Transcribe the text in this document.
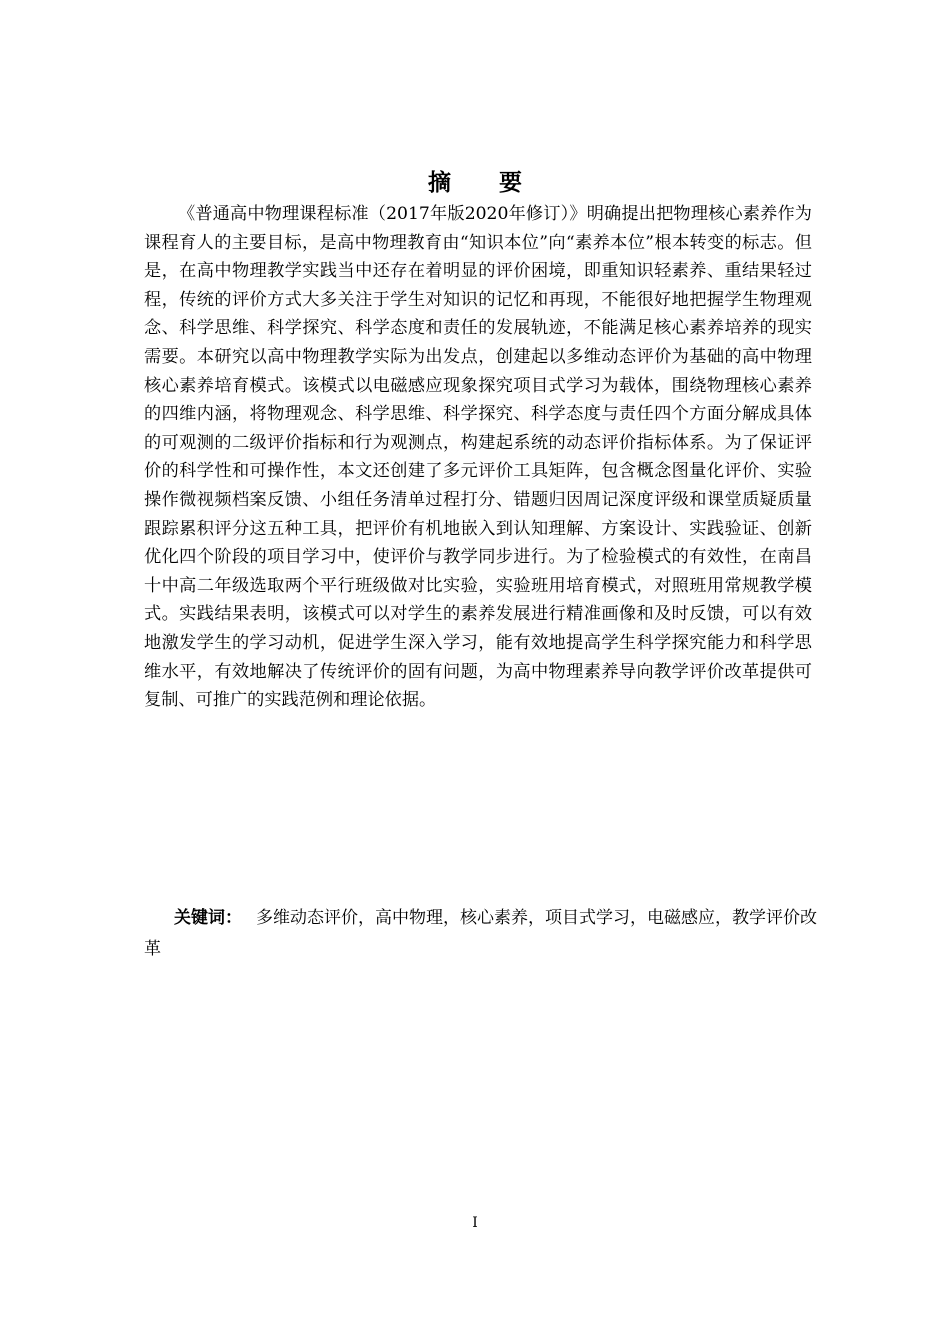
摘 要
《普通高中物理课程标准（2017年版2020年修订）》明确提出把物理核心素养作为课程育人的主要目标，是高中物理教育由“知识本位”向“素养本位”根本转变的标志。但是，在高中物理教学实践当中还存在着明显的评价困境，即重知识轻素养、重结果轻过程，传统的评价方式大多关注于学生对知识的记忆和再现，不能很好地把握学生物理观念、科学思维、科学探究、科学态度和责任的发展轨迹，不能满足核心素养培养的现实需要。本研究以高中物理教学实际为出发点，创建起以多维动态评价为基础的高中物理核心素养培育模式。该模式以电磁感应现象探究项目式学习为载体，围绕物理核心素养的四维内涵，将物理观念、科学思维、科学探究、科学态度与责任四个方面分解成具体的可观测的二级评价指标和行为观测点，构建起系统的动态评价指标体系。为了保证评价的科学性和可操作性，本文还创建了多元评价工具矩阵，包含概念图量化评价、实验操作微视频档案反馈、小组任务清单过程打分、错题归因周记深度评级和课堂质疑质量跟踪累积评分这五种工具，把评价有机地嵌入到认知理解、方案设计、实践验证、创新优化四个阶段的项目学习中，使评价与教学同步进行。为了检验模式的有效性，在南昌十中高二年级选取两个平行班级做对比实验，实验班用培育模式，对照班用常规教学模式。实践结果表明，该模式可以对学生的素养发展进行精准画像和及时反馈，可以有效地激发学生的学习动机，促进学生深入学习，能有效地提高学生科学探究能力和科学思维水平，有效地解决了传统评价的固有问题，为高中物理素养导向教学评价改革提供可复制、可推广的实践范例和理论依据。
关键词： 多维动态评价，高中物理，核心素养，项目式学习，电磁感应，教学评价改革
I
